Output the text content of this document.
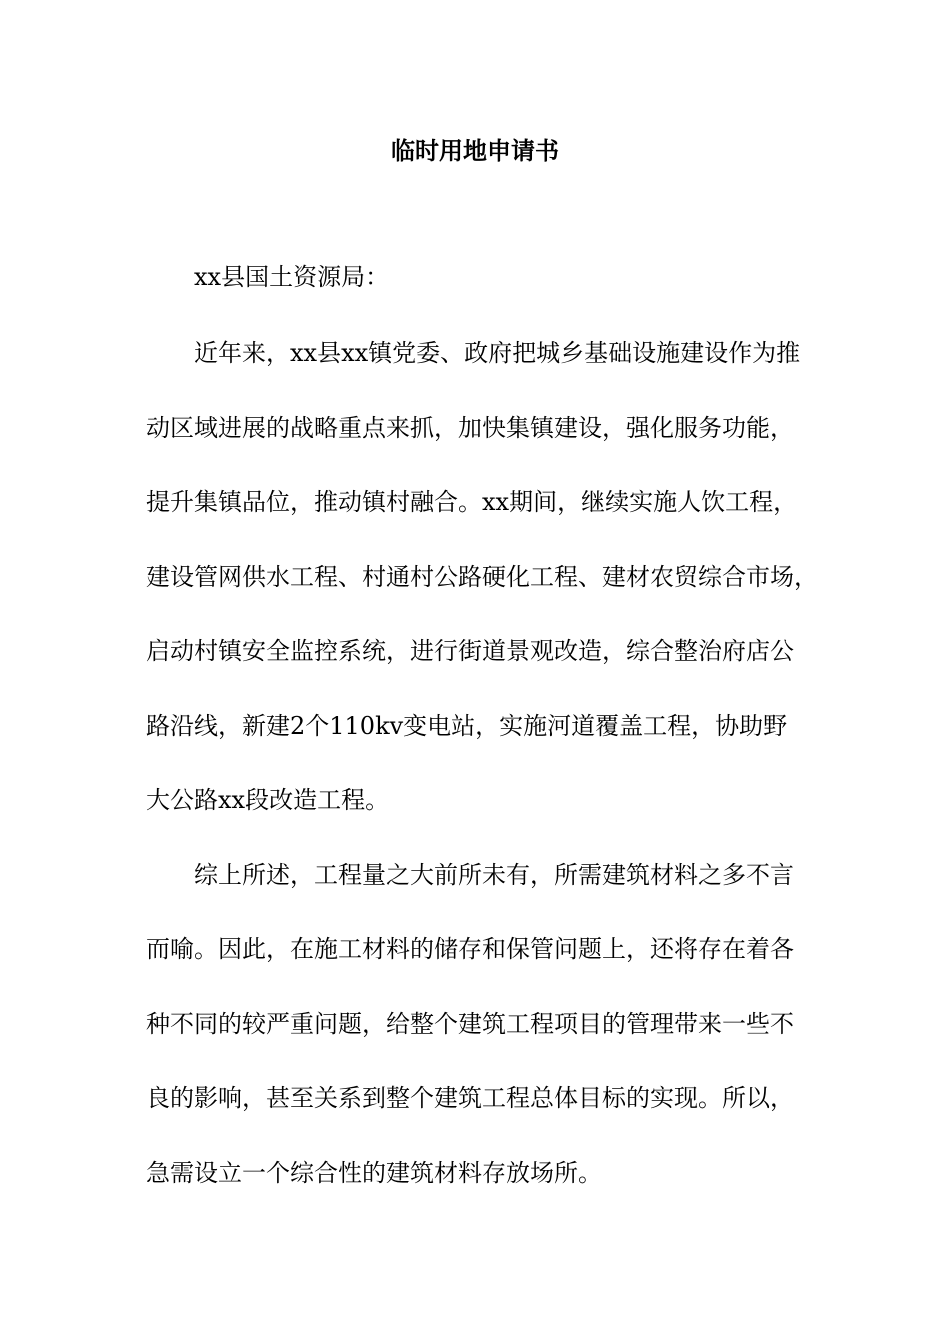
临时用地申请书
xx县国土资源局：
近年来，xx县xx镇党委、政府把城乡基础设施建设作为推
动区域进展的战略重点来抓，加快集镇建设，强化服务功能，
提升集镇品位，推动镇村融合。xx期间，继续实施人饮工程，
建设管网供水工程、村通村公路硬化工程、建材农贸综合市场，
启动村镇安全监控系统，进行街道景观改造，综合整治府店公
路沿线，新建2个110kv变电站，实施河道覆盖工程，协助野
大公路xx段改造工程。
综上所述，工程量之大前所未有，所需建筑材料之多不言
而喻。因此，在施工材料的储存和保管问题上，还将存在着各
种不同的较严重问题，给整个建筑工程项目的管理带来一些不
良的影响，甚至关系到整个建筑工程总体目标的实现。所以，
急需设立一个综合性的建筑材料存放场所。
